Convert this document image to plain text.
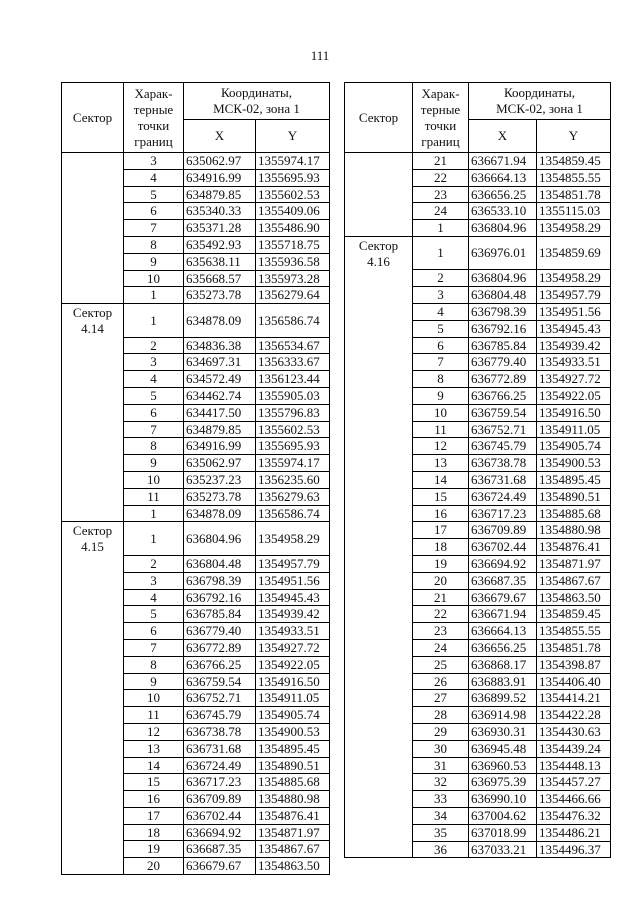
111
Сектор	Харак-
терные
точки
границ	Координаты,
МСК-02, зона 1	
		X	Y
	3	635062.97	1355974.17
	4	634916.99	1355695.93
	5	634879.85	1355602.53
	6	635340.33	1355409.06
	7	635371.28	1355486.90
	8	635492.93	1355718.75
	9	635638.11	1355936.58
	10	635668.57	1355973.28
	1	635273.78	1356279.64

Сектор 4.14	1	634878.09	1356586.74
	2	634836.38	1356534.67
	3	634697.31	1356333.67
	4	634572.49	1356123.44
	5	634462.74	1355905.03
	6	634417.50	1355796.83
	7	634879.85	1355602.53
	8	634916.99	1355695.93
	9	635062.97	1355974.17
	10	635237.23	1356235.60
	11	635273.78	1356279.63
	1	634878.09	1356586.74

Сектор 4.15	1	636804.96	1354958.29
	2	636804.48	1354957.79
	3	636798.39	1354951.56
	4	636792.16	1354945.43
	5	636785.84	1354939.42
	6	636779.40	1354933.51
	7	636772.89	1354927.72
	8	636766.25	1354922.05
	9	636759.54	1354916.50
	10	636752.71	1354911.05
	11	636745.79	1354905.74
	12	636738.78	1354900.53
	13	636731.68	1354895.45
	14	636724.49	1354890.51
	15	636717.23	1354885.68
	16	636709.89	1354880.98
	17	636702.44	1354876.41
	18	636694.92	1354871.97
	19	636687.35	1354867.67
	20	636679.67	1354863.50
Сектор	Харак-
терные
точки
границ	Координаты,
МСК-02, зона 1	
		X	Y
	21	636671.94	1354859.45
	22	636664.13	1354855.55
	23	636656.25	1354851.78
	24	636533.10	1355115.03
	1	636804.96	1354958.29

Сектор 4.16	1	636976.01	1354859.69
	2	636804.96	1354958.29
	3	636804.48	1354957.79
	4	636798.39	1354951.56
	5	636792.16	1354945.43
	6	636785.84	1354939.42
	7	636779.40	1354933.51
	8	636772.89	1354927.72
	9	636766.25	1354922.05
	10	636759.54	1354916.50
	11	636752.71	1354911.05
	12	636745.79	1354905.74
	13	636738.78	1354900.53
	14	636731.68	1354895.45
	15	636724.49	1354890.51
	16	636717.23	1354885.68
	17	636709.89	1354880.98
	18	636702.44	1354876.41
	19	636694.92	1354871.97
	20	636687.35	1354867.67
	21	636679.67	1354863.50
	22	636671.94	1354859.45
	23	636664.13	1354855.55
	24	636656.25	1354851.78
	25	636868.17	1354398.87
	26	636883.91	1354406.40
	27	636899.52	1354414.21
	28	636914.98	1354422.28
	29	636930.31	1354430.63
	30	636945.48	1354439.24
	31	636960.53	1354448.13
	32	636975.39	1354457.27
	33	636990.10	1354466.66
	34	637004.62	1354476.32
	35	637018.99	1354486.21
	36	637033.21	1354496.37
